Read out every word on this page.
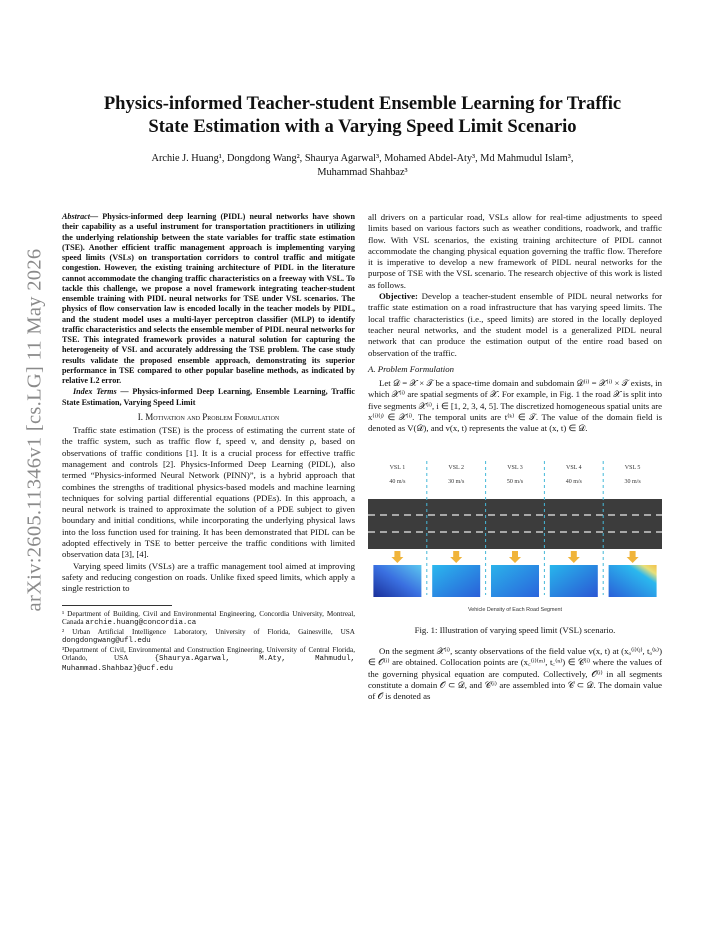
arXiv:2605.11346v1 [cs.LG] 11 May 2026
Physics-informed Teacher-student Ensemble Learning for Traffic
State Estimation with a Varying Speed Limit Scenario
Archie J. Huang¹, Dongdong Wang², Shaurya Agarwal³, Mohamed Abdel-Aty³, Md Mahmudul Islam³,
Muhammad Shahbaz³

Abstract— Physics-informed deep learning (PIDL) neural networks have shown their capability as a useful instrument for transportation practitioners in utilizing the underlying relationship between the state variables for traffic state estimation (TSE). Another efficient traffic management approach is implementing varying speed limits (VSLs) on transportation corridors to control traffic and mitigate congestion. However, the existing training architecture of PIDL in the literature cannot accommodate the changing traffic characteristics on a freeway with VSL. To tackle this challenge, we propose a novel framework integrating teacher-student ensemble training with PIDL neural networks for TSE under VSL scenarios. The physics of flow conservation law is encoded locally in the teacher models by PIDL, and the student model uses a multi-layer perceptron classifier (MLP) to identify traffic characteristics and selects the ensemble member of PIDL neural networks for TSE. This integrated framework provides a natural solution for capturing the heterogeneity of VSL and accurately addressing the TSE problem. The case study results validate the proposed ensemble approach, demonstrating its superior performance in TSE compared to other popular baseline methods, as indicated by relative L2 error.

Index Terms — Physics-informed Deep Learning, Ensemble Learning, Traffic State Estimation, Varying Speed Limit

I. Motivation and Problem Formulation

Traffic state estimation (TSE) is the process of estimating the current state of the traffic system, such as traffic flow f, speed v, and density ρ, based on observations of traffic conditions [1]. It is a crucial process for effective traffic management and controls [2]. Physics-Informed Deep Learning (PIDL), also termed “Physics-informed Neural Network (PINN)”, is a hybrid approach that combines the strengths of traditional physics-based models and machine learning techniques for solving partial differential equations (PDEs). In this approach, a neural network is trained to approximate the solution of a PDE subject to given boundary and initial conditions, while incorporating the underlying physical laws into the loss function used for training. It has been demonstrated that PIDL can be adopted effectively in TSE to better perceive the traffic conditions with limited observation data [3], [4].

Varying speed limits (VSLs) are a traffic management tool aimed at improving safety and reducing congestion on roads. Unlike fixed speed limits, which apply a single restriction to

¹ Department of Building, Civil and Environmental Engineering, Concordia University, Montreal, Canada archie.huang@concordia.ca

² Urban Artificial Intelligence Laboratory, University of Florida, Gainesville, USA dongdongwang@ufl.edu

³Department of Civil, Environmental and Construction Engineering, University of Central Florida, Orlando, USA {Shaurya.Agarwal, M.Aty, Mahmudul, Muhammad.Shahbaz}@ucf.edu

all drivers on a particular road, VSLs allow for real-time adjustments to speed limits based on various factors such as weather conditions, roadwork, and traffic flow. With VSL scenarios, the existing training architecture of PIDL cannot accommodate the changing physical equation governing the traffic flow. Therefore it is imperative to develop a new framework of PIDL neural networks for the purpose of TSE with the VSL scenario. The research objective of this work is listed as follows.

Objective: Develop a teacher-student ensemble of PIDL neural networks for traffic state estimation on a road infrastructure that has varying speed limits. The local traffic characteristics (i.e., speed limits) are stored in the locally deployed teacher neural networks, and the student model is a generalized PIDL neural network that can produce the estimation output of the entire road based on observation of the traffic.

A. Problem Formulation

Let 𝒟 = 𝒳 × 𝒯 be a space-time domain and subdomain 𝒟⁽ⁱ⁾ = 𝒳⁽ⁱ⁾ × 𝒯 exists, in which 𝒳⁽ⁱ⁾ are spatial segments of 𝒳. For example, in Fig. 1 the road 𝒳 is split into five segments 𝒳⁽ⁱ⁾, i ∈ [1, 2, 3, 4, 5]. The discretized homogeneous spatial units are x⁽ⁱ⁾⁽ʲ⁾ ∈ 𝒳⁽ⁱ⁾. The temporal units are t⁽ᵏ⁾ ∈ 𝒯. The value of the domain field is denoted as V(𝒟), and v(x, t) represents the value at (x, t) ∈ 𝒟.

VSL 1
40 m/s
VSL 2
30 m/s
VSL 3
50 m/s
VSL 4
40 m/s
VSL 5
30 m/s
Vehicle Density of Each Road Segment

Fig. 1: Illustration of varying speed limit (VSL) scenario.

On the segment 𝒳⁽ⁱ⁾, scanty observations of the field value v(x, t) at (xₒ⁽ⁱ⁾⁽ʲ⁾, tₒ⁽ᵏ⁾) ∈ 𝒪⁽ⁱ⁾ are obtained. Collocation points are (x꜀⁽ⁱ⁾⁽ᵐ⁾, t꜀⁽ⁿ⁾) ∈ 𝒞⁽ⁱ⁾ where the values of the governing physical equation are computed. Collectively, 𝒪⁽ⁱ⁾ in all segments constitute a domain 𝒪 ⊂ 𝒟, and 𝒞⁽ⁱ⁾ are assembled into 𝒞 ⊂ 𝒟. The domain value of 𝒪 is denoted as
